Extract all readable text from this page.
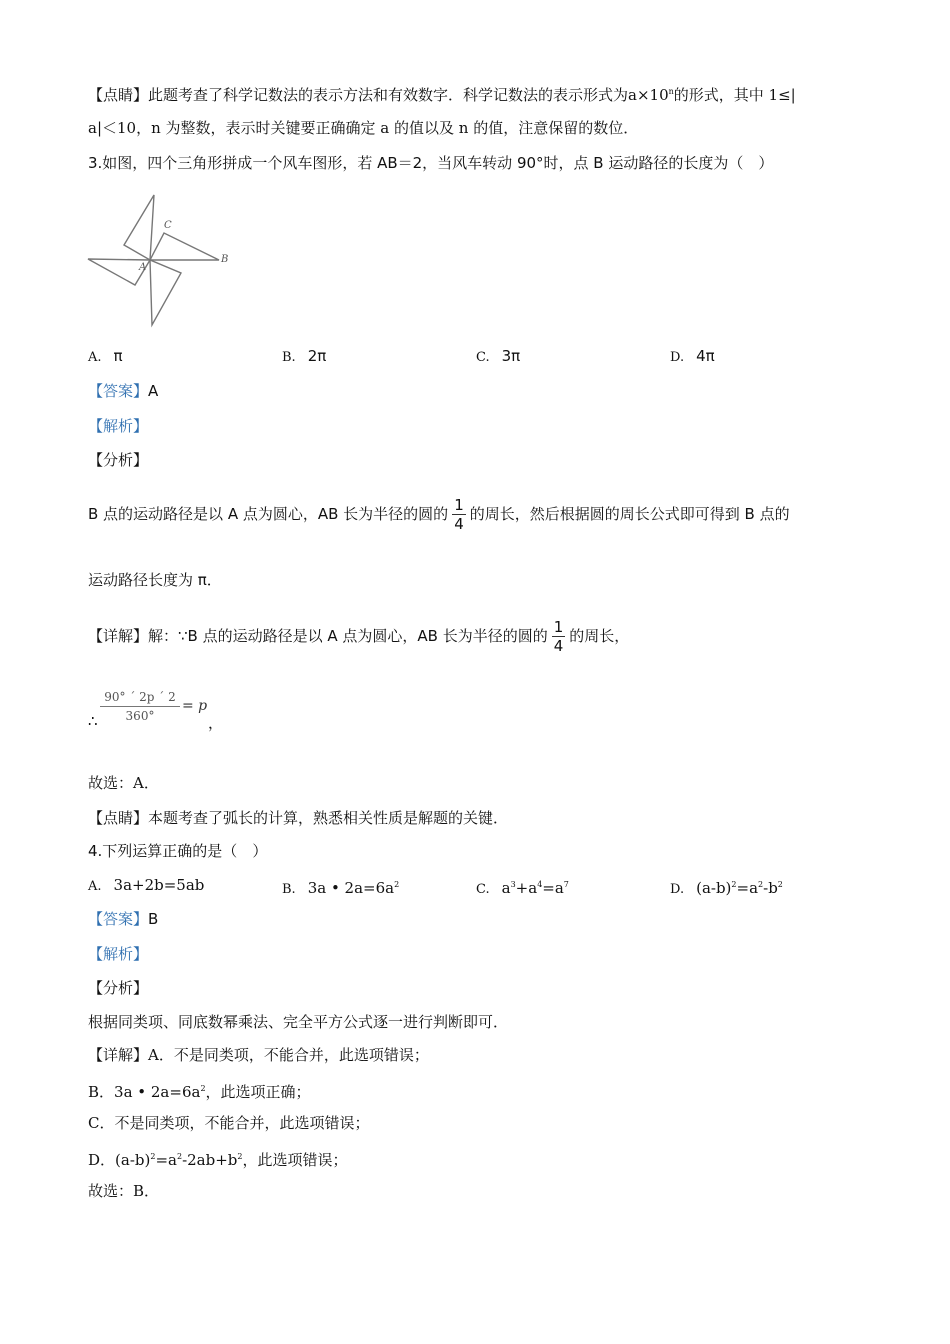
【点睛】此题考查了科学记数法的表示方法和有效数字．科学记数法的表示形式为$a\times 10^n$的形式，其中 1≤|
a|＜10，n 为整数，表示时关键要正确确定 a 的值以及 n 的值，注意保留的数位．
3.如图，四个三角形拼成一个风车图形，若 AB＝2，当风车转动 90°时，点 B 运动路径的长度为（　）
C
A
B
A. π	B. 2π	C. 3π	D. 4π
【答案】A
【解析】
【分析】
B 点的运动路径是以 A 点为圆心，AB 长为半径的圆的 $\frac{1}{4}$ 的周长，然后根据圆的周长公式即可得到 B 点的
运动路径长度为 π．
【详解】解：∵B 点的运动路径是以 A 点为圆心，AB 长为半径的圆的 $\frac{1}{4}$ 的周长，
90° ´ 2p ´ 2
360°
= p
∴	，
故选：A．
【点睛】本题考查了弧长的计算，熟悉相关性质是解题的关键．
4.下列运算正确的是（　）
A. 3a+2b=5ab	B. 3a • $2a=6a^2$	C. $a^3+a^4=a^7$	D. $(a-b)^2=a^2-b^2$
【答案】B
【解析】
【分析】
根据同类项、同底数幂乘法、完全平方公式逐一进行判断即可．
【详解】A．不是同类项，不能合并，此选项错误；
B．3a • $2a=6a^2$，此选项正确；
C．不是同类项，不能合并，此选项错误；
D．$(a-b)^2=a^2-2ab+b^2$，此选项错误；
故选：B．
